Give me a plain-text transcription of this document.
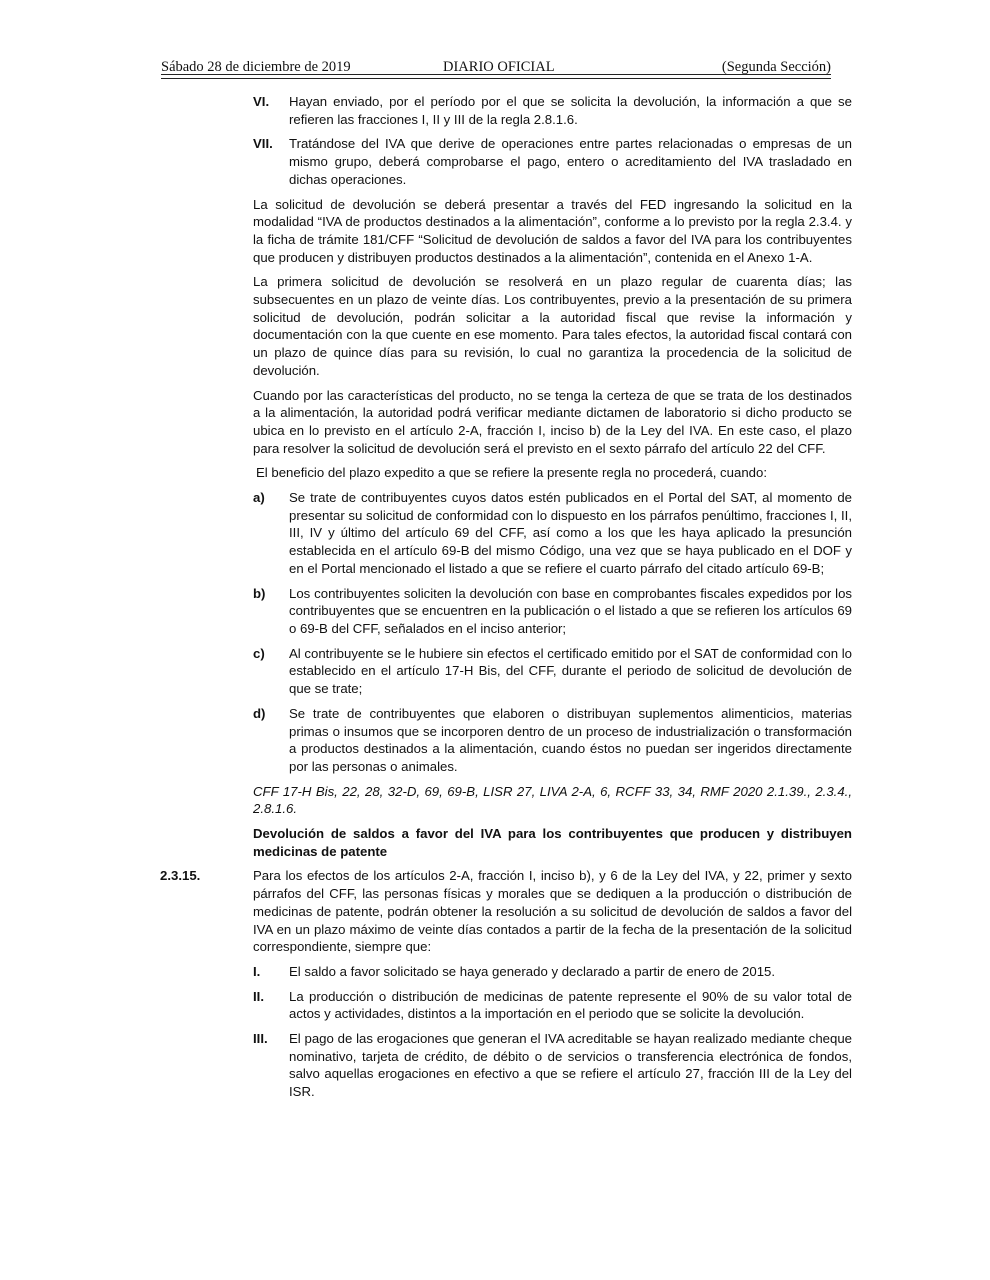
Sábado 28 de diciembre de 2019	DIARIO OFICIAL	(Segunda Sección)
VI.	Hayan enviado, por el período por el que se solicita la devolución, la información a que se refieren las fracciones I, II y III de la regla 2.8.1.6.
VII.	Tratándose del IVA que derive de operaciones entre partes relacionadas o empresas de un mismo grupo, deberá comprobarse el pago, entero o acreditamiento del IVA trasladado en dichas operaciones.

La solicitud de devolución se deberá presentar a través del FED ingresando la solicitud en la modalidad “IVA de productos destinados a la alimentación”, conforme a lo previsto por la regla 2.3.4. y la ficha de trámite 181/CFF “Solicitud de devolución de saldos a favor del IVA para los contribuyentes que producen y distribuyen productos destinados a la alimentación”, contenida en el Anexo 1-A.

La primera solicitud de devolución se resolverá en un plazo regular de cuarenta días; las subsecuentes en un plazo de veinte días. Los contribuyentes, previo a la presentación de su primera solicitud de devolución, podrán solicitar a la autoridad fiscal que revise la información y documentación con la que cuente en ese momento. Para tales efectos, la autoridad fiscal contará con un plazo de quince días para su revisión, lo cual no garantiza la procedencia de la solicitud de devolución.

Cuando por las características del producto, no se tenga la certeza de que se trata de los destinados a la alimentación, la autoridad podrá verificar mediante dictamen de laboratorio si dicho producto se ubica en lo previsto en el artículo 2-A, fracción I, inciso b) de la Ley del IVA. En este caso, el plazo para resolver la solicitud de devolución será el previsto en el sexto párrafo del artículo 22 del CFF.

El beneficio del plazo expedito a que se refiere la presente regla no procederá, cuando:

a)	Se trate de contribuyentes cuyos datos estén publicados en el Portal del SAT, al momento de presentar su solicitud de conformidad con lo dispuesto en los párrafos penúltimo, fracciones I, II, III, IV y último del artículo 69 del CFF, así como a los que les haya aplicado la presunción establecida en el artículo 69-B del mismo Código, una vez que se haya publicado en el DOF y en el Portal mencionado el listado a que se refiere el cuarto párrafo del citado artículo 69-B;
b)	Los contribuyentes soliciten la devolución con base en comprobantes fiscales expedidos por los contribuyentes que se encuentren en la publicación o el listado a que se refieren los artículos 69 o 69-B del CFF, señalados en el inciso anterior;
c)	Al contribuyente se le hubiere sin efectos el certificado emitido por el SAT de conformidad con lo establecido en el artículo 17-H Bis, del CFF, durante el periodo de solicitud de devolución de que se trate;
d)	Se trate de contribuyentes que elaboren o distribuyan suplementos alimenticios, materias primas o insumos que se incorporen dentro de un proceso de industrialización o transformación a productos destinados a la alimentación, cuando éstos no puedan ser ingeridos directamente por las personas o animales.

CFF 17-H Bis, 22, 28, 32-D, 69, 69-B, LISR 27, LIVA 2-A, 6, RCFF 33, 34, RMF 2020 2.1.39., 2.3.4., 2.8.1.6.

Devolución de saldos a favor del IVA para los contribuyentes que producen y distribuyen medicinas de patente

2.3.15.	Para los efectos de los artículos 2-A, fracción I, inciso b), y 6 de la Ley del IVA, y 22, primer y sexto párrafos del CFF, las personas físicas y morales que se dediquen a la producción o distribución de medicinas de patente, podrán obtener la resolución a su solicitud de devolución de saldos a favor del IVA en un plazo máximo de veinte días contados a partir de la fecha de la presentación de la solicitud correspondiente, siempre que:

I.	El saldo a favor solicitado se haya generado y declarado a partir de enero de 2015.
II.	La producción o distribución de medicinas de patente represente el 90% de su valor total de actos y actividades, distintos a la importación en el periodo que se solicite la devolución.
III.	El pago de las erogaciones que generan el IVA acreditable se hayan realizado mediante cheque nominativo, tarjeta de crédito, de débito o de servicios o transferencia electrónica de fondos, salvo aquellas erogaciones en efectivo a que se refiere el artículo 27, fracción III de la Ley del ISR.
